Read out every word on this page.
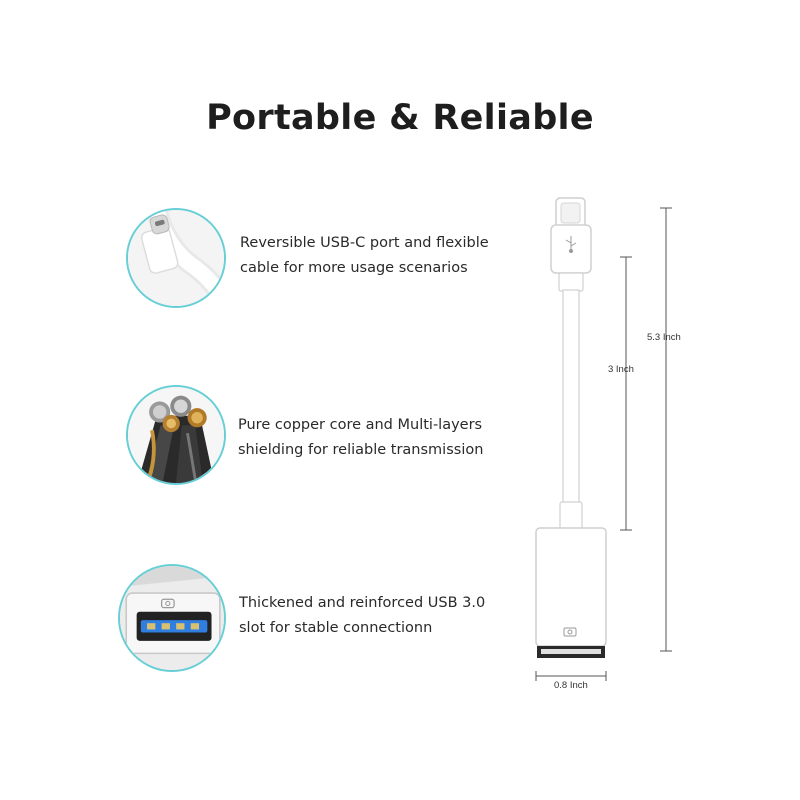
Portable & Reliable
Reversible USB-C port and flexible
cable for more usage scenarios
Pure copper core and Multi-layers
shielding for reliable transmission
Thickened and reinforced USB 3.0
slot for stable connectionn
5.3 Inch
3 Inch
0.8 Inch
